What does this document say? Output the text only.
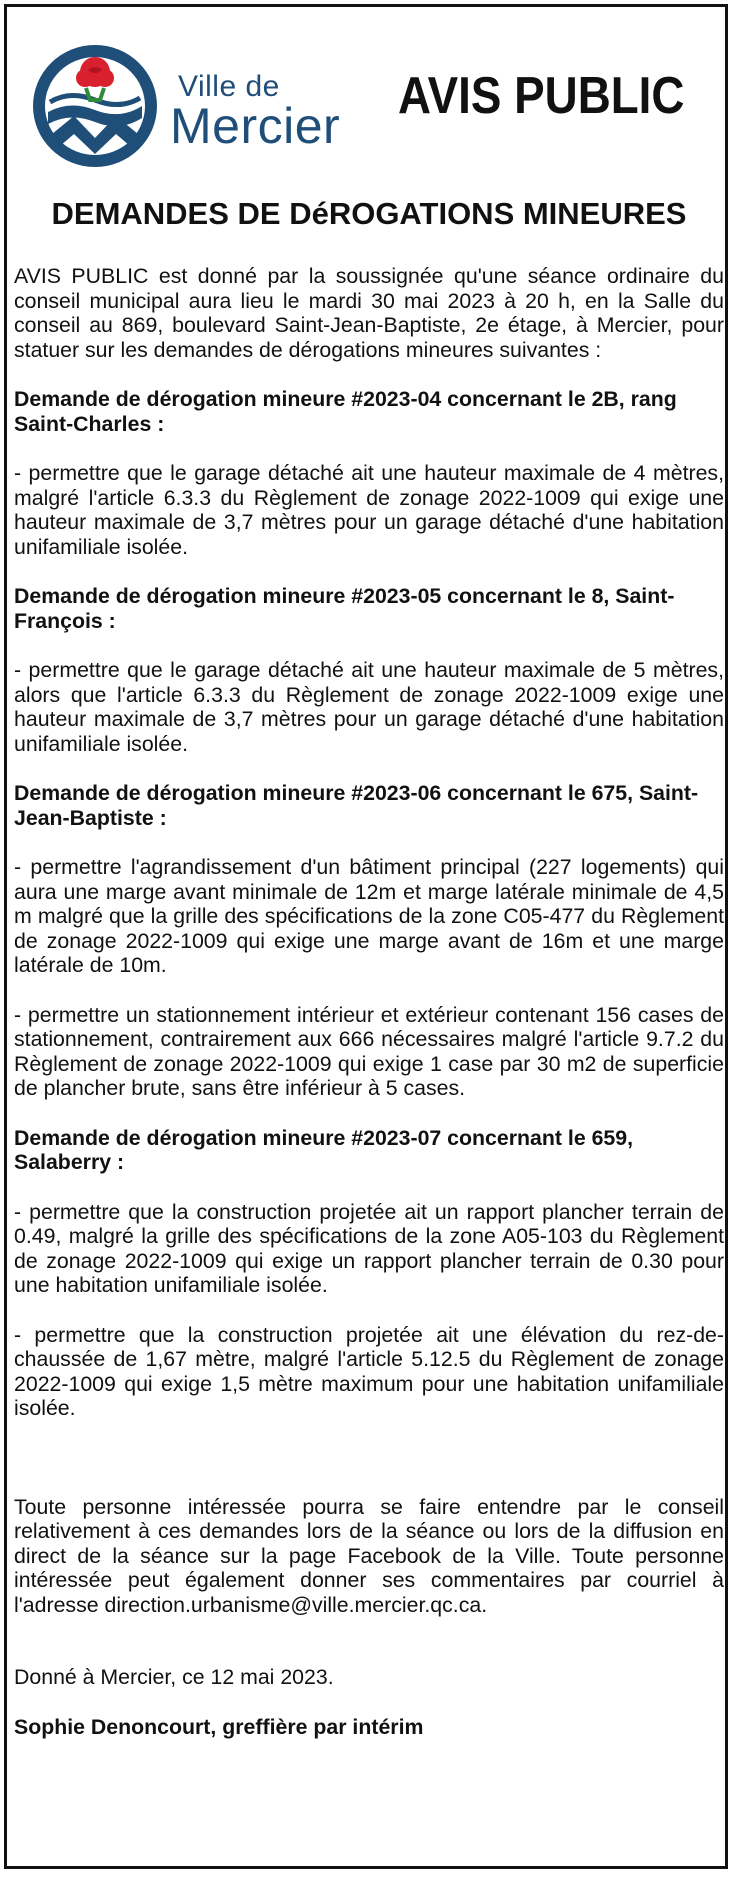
Ville de
Mercier
AVIS PUBLIC
DEMANDES DE DéROGATIONS MINEURES

AVIS PUBLIC est donné par la soussignée qu'une séance ordinaire du conseil municipal aura lieu le mardi 30 mai 2023 à 20 h, en la Salle du conseil au 869, boulevard Saint-Jean-Baptiste, 2e étage, à Mercier, pour statuer sur les demandes de dérogations mineures suivantes :

Demande de dérogation mineure #2023-04 concernant le 2B, rang Saint-Charles :

- permettre que le garage détaché ait une hauteur maximale de 4 mètres, malgré l'article 6.3.3 du Règlement de zonage 2022-1009 qui exige une hauteur maximale de 3,7 mètres pour un garage détaché d'une habitation unifamiliale isolée.

Demande de dérogation mineure #2023-05 concernant le 8, Saint-François :

- permettre que le garage détaché ait une hauteur maximale de 5 mètres, alors que l'article 6.3.3 du Règlement de zonage 2022-1009 exige une hauteur maximale de 3,7 mètres pour un garage détaché d'une habitation unifamiliale isolée.

Demande de dérogation mineure #2023-06 concernant le 675, Saint-Jean-Baptiste :

- permettre l'agrandissement d'un bâtiment principal (227 logements) qui aura une marge avant minimale de 12m et marge latérale minimale de 4,5 m malgré que la grille des spécifications de la zone C05-477 du Règlement de zonage 2022-1009 qui exige une marge avant de 16m et une marge latérale de 10m.

- permettre un stationnement intérieur et extérieur contenant 156 cases de stationnement, contrairement aux 666 nécessaires malgré l'article 9.7.2 du Règlement de zonage 2022-1009 qui exige 1 case par 30 m2 de superficie de plancher brute, sans être inférieur à 5 cases.

Demande de dérogation mineure #2023-07 concernant le 659, Salaberry :

- permettre que la construction projetée ait un rapport plancher terrain de 0.49, malgré la grille des spécifications de la zone A05-103 du Règlement de zonage 2022-1009 qui exige un rapport plancher terrain de 0.30 pour une habitation unifamiliale isolée.

- permettre que la construction projetée ait une élévation du rez-de-chaussée de 1,67 mètre, malgré l'article 5.12.5 du Règlement de zonage 2022-1009 qui exige 1,5 mètre maximum pour une habitation unifamiliale isolée.

Toute personne intéressée pourra se faire entendre par le conseil relativement à ces demandes lors de la séance ou lors de la diffusion en direct de la séance sur la page Facebook de la Ville. Toute personne intéressée peut également donner ses commentaires par courriel à l'adresse direction.urbanisme@ville.mercier.qc.ca.

Donné à Mercier, ce 12 mai 2023.

Sophie Denoncourt, greffière par intérim
